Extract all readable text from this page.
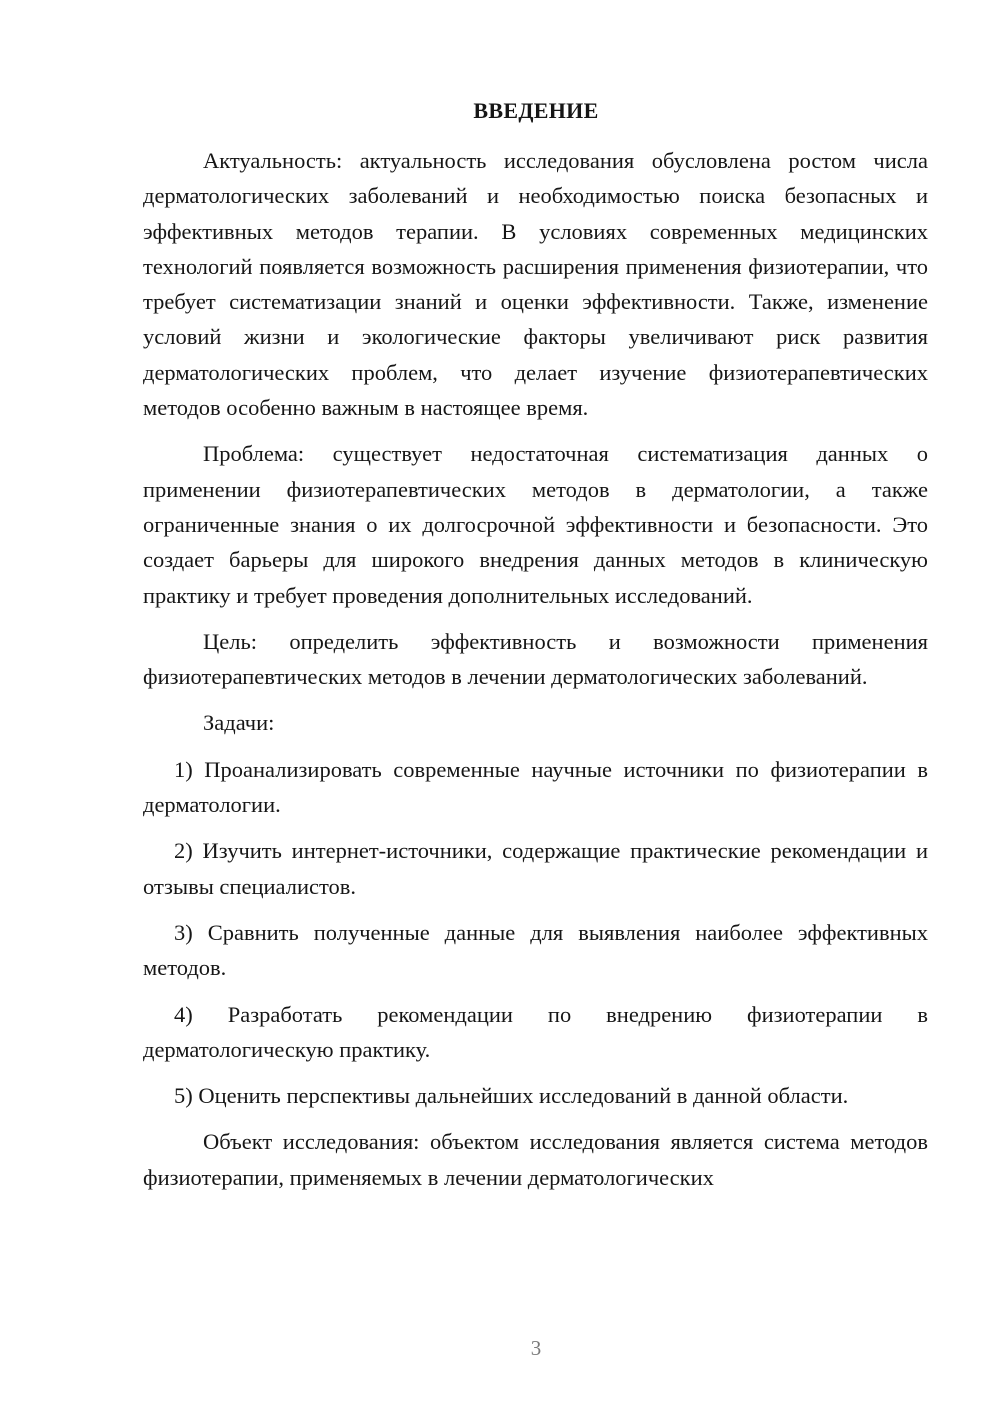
ВВЕДЕНИЕ

Актуальность: актуальность исследования обусловлена ростом числа дерматологических заболеваний и необходимостью поиска безопасных и эффективных методов терапии. В условиях современных медицинских технологий появляется возможность расширения применения физиотерапии, что требует систематизации знаний и оценки эффективности. Также, изменение условий жизни и экологические факторы увеличивают риск развития дерматологических проблем, что делает изучение физиотерапевтических методов особенно важным в настоящее время.

Проблема: существует недостаточная систематизация данных о применении физиотерапевтических методов в дерматологии, а также ограниченные знания о их долгосрочной эффективности и безопасности. Это создает барьеры для широкого внедрения данных методов в клиническую практику и требует проведения дополнительных исследований.

Цель: определить эффективность и возможности применения физиотерапевтических методов в лечении дерматологических заболеваний.

Задачи:

1) Проанализировать современные научные источники по физиотерапии в дерматологии.

2) Изучить интернет-источники, содержащие практические рекомендации и отзывы специалистов.

3) Сравнить полученные данные для выявления наиболее эффективных методов.

4) Разработать рекомендации по внедрению физиотерапии в дерматологическую практику.

5) Оценить перспективы дальнейших исследований в данной области.

Объект исследования: объектом исследования является система методов физиотерапии, применяемых в лечении дерматологических

3
